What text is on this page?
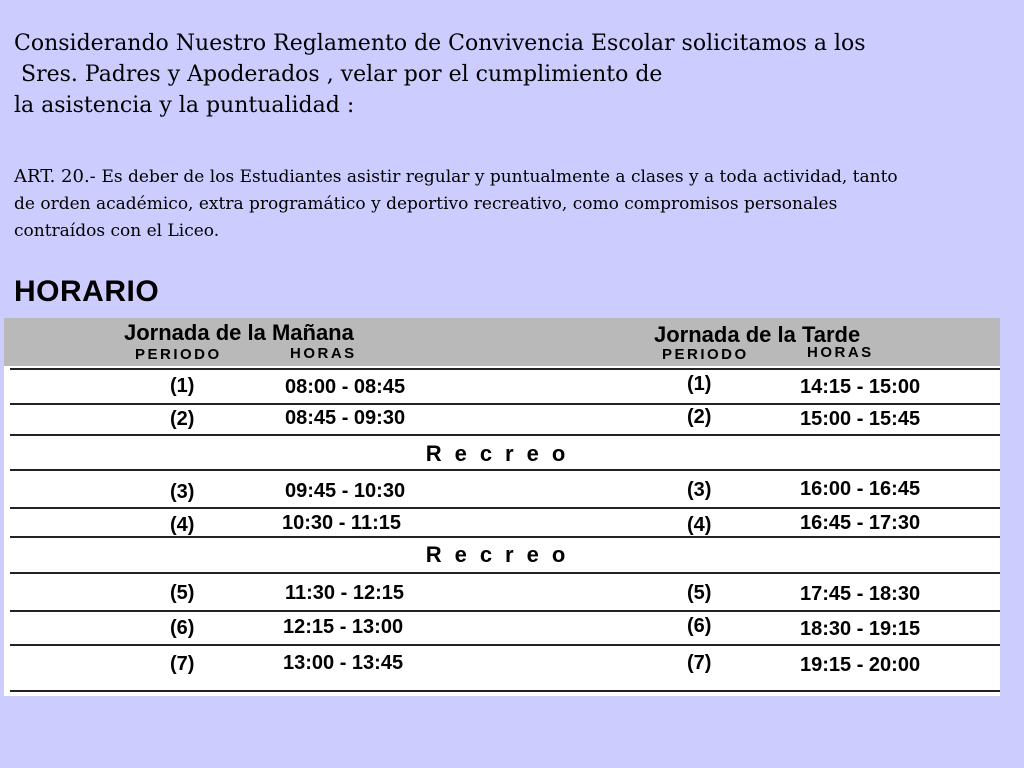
Considerando Nuestro Reglamento de Convivencia Escolar solicitamos a los
Sres. Padres y Apoderados , velar por el cumplimiento de
la asistencia y la puntualidad :
ART. 20.- Es deber de los Estudiantes asistir regular y puntualmente a clases y a toda actividad, tanto
de orden académico, extra programático y deportivo recreativo, como compromisos personales
contraídos con el Liceo.
HORARIO
Jornada de la Mañana
PERIODO	HORAS
Jornada de la Tarde
PERIODO	HORAS
(1)	08:00 - 08:45	(1)	14:15 - 15:00
(2)	08:45 - 09:30	(2)	15:00 - 15:45
Recreo
(3)	09:45 - 10:30	(3)	16:00 - 16:45
(4)	10:30 - 11:15	(4)	16:45 - 17:30
Recreo
(5)	11:30 - 12:15	(5)	17:45 - 18:30
(6)	12:15 - 13:00	(6)	18:30 - 19:15
(7)	13:00 - 13:45	(7)	19:15 - 20:00
